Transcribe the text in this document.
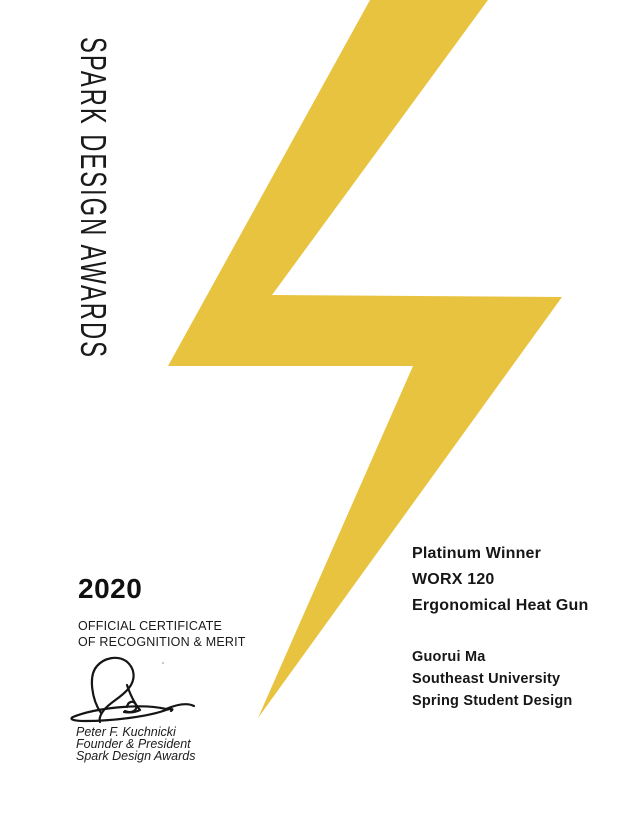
SPARK DESIGN AWARDS
2020
OFFICIAL CERTIFICATE
OF RECOGNITION & MERIT
Peter F. Kuchnicki
Founder & President
Spark Design Awards
Platinum Winner
WORX 120
Ergonomical Heat Gun
Guorui Ma
Southeast University
Spring Student Design
